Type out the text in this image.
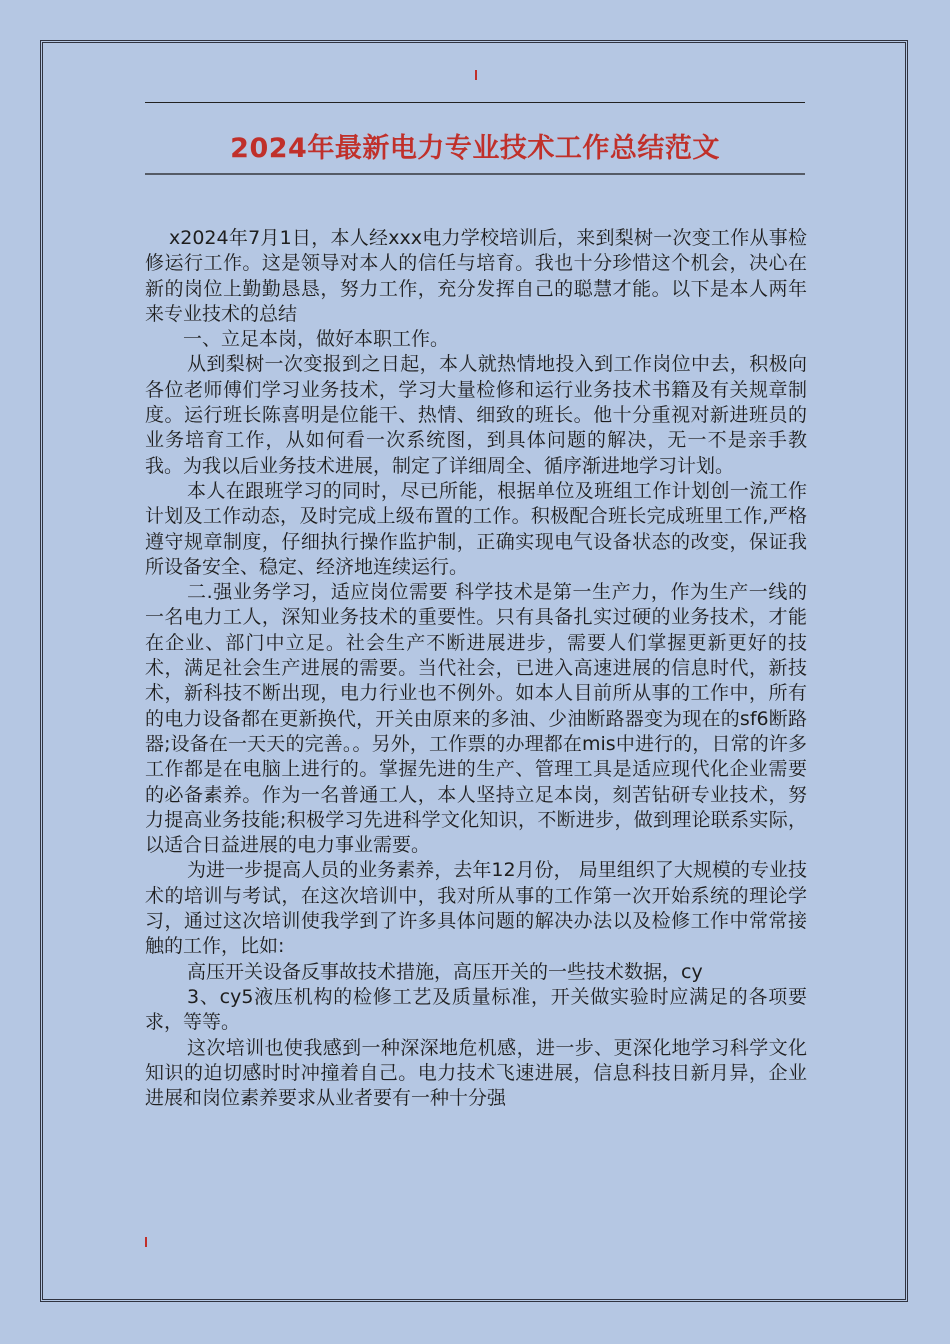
2024年最新电力专业技术工作总结范文

x2024年7月1日，本人经xxx电力学校培训后，来到梨树一次变工作从事检修运行工作。这是领导对本人的信任与培育。我也十分珍惜这个机会，决心在新的岗位上勤勤恳恳，努力工作，充分发挥自己的聪慧才能。以下是本人两年来专业技术的总结

一、立足本岗，做好本职工作。

从到梨树一次变报到之日起，本人就热情地投入到工作岗位中去，积极向各位老师傅们学习业务技术，学习大量检修和运行业务技术书籍及有关规章制度。运行班长陈喜明是位能干、热情、细致的班长。他十分重视对新进班员的业务培育工作，从如何看一次系统图，到具体问题的解决，无一不是亲手教我。为我以后业务技术进展，制定了详细周全、循序渐进地学习计划。

本人在跟班学习的同时，尽已所能，根据单位及班组工作计划创一流工作计划及工作动态，及时完成上级布置的工作。积极配合班长完成班里工作,严格遵守规章制度，仔细执行操作监护制，正确实现电气设备状态的改变，保证我所设备安全、稳定、经济地连续运行。

二.强业务学习，适应岗位需要 科学技术是第一生产力，作为生产一线的一名电力工人，深知业务技术的重要性。只有具备扎实过硬的业务技术，才能在企业、部门中立足。社会生产不断进展进步，需要人们掌握更新更好的技术，满足社会生产进展的需要。当代社会，已进入高速进展的信息时代，新技术，新科技不断出现，电力行业也不例外。如本人目前所从事的工作中，所有的电力设备都在更新换代，开关由原来的多油、少油断路器变为现在的sf6断路器;设备在一天天的完善。。另外，工作票的办理都在mis中进行的，日常的许多工作都是在电脑上进行的。掌握先进的生产、管理工具是适应现代化企业需要的必备素养。作为一名普通工人，本人坚持立足本岗，刻苦钻研专业技术，努力提高业务技能;积极学习先进科学文化知识，不断进步，做到理论联系实际，以适合日益进展的电力事业需要。

为进一步提高人员的业务素养，去年12月份， 局里组织了大规模的专业技术的培训与考试，在这次培训中，我对所从事的工作第一次开始系统的理论学习，通过这次培训使我学到了许多具体问题的解决办法以及检修工作中常常接触的工作，比如:

高压开关设备反事故技术措施，高压开关的一些技术数据，cy

3、cy5液压机构的检修工艺及质量标准，开关做实验时应满足的各项要求，等等。

这次培训也使我感到一种深深地危机感，进一步、更深化地学习科学文化知识的迫切感时时冲撞着自己。电力技术飞速进展，信息科技日新月异，企业进展和岗位素养要求从业者要有一种十分强
